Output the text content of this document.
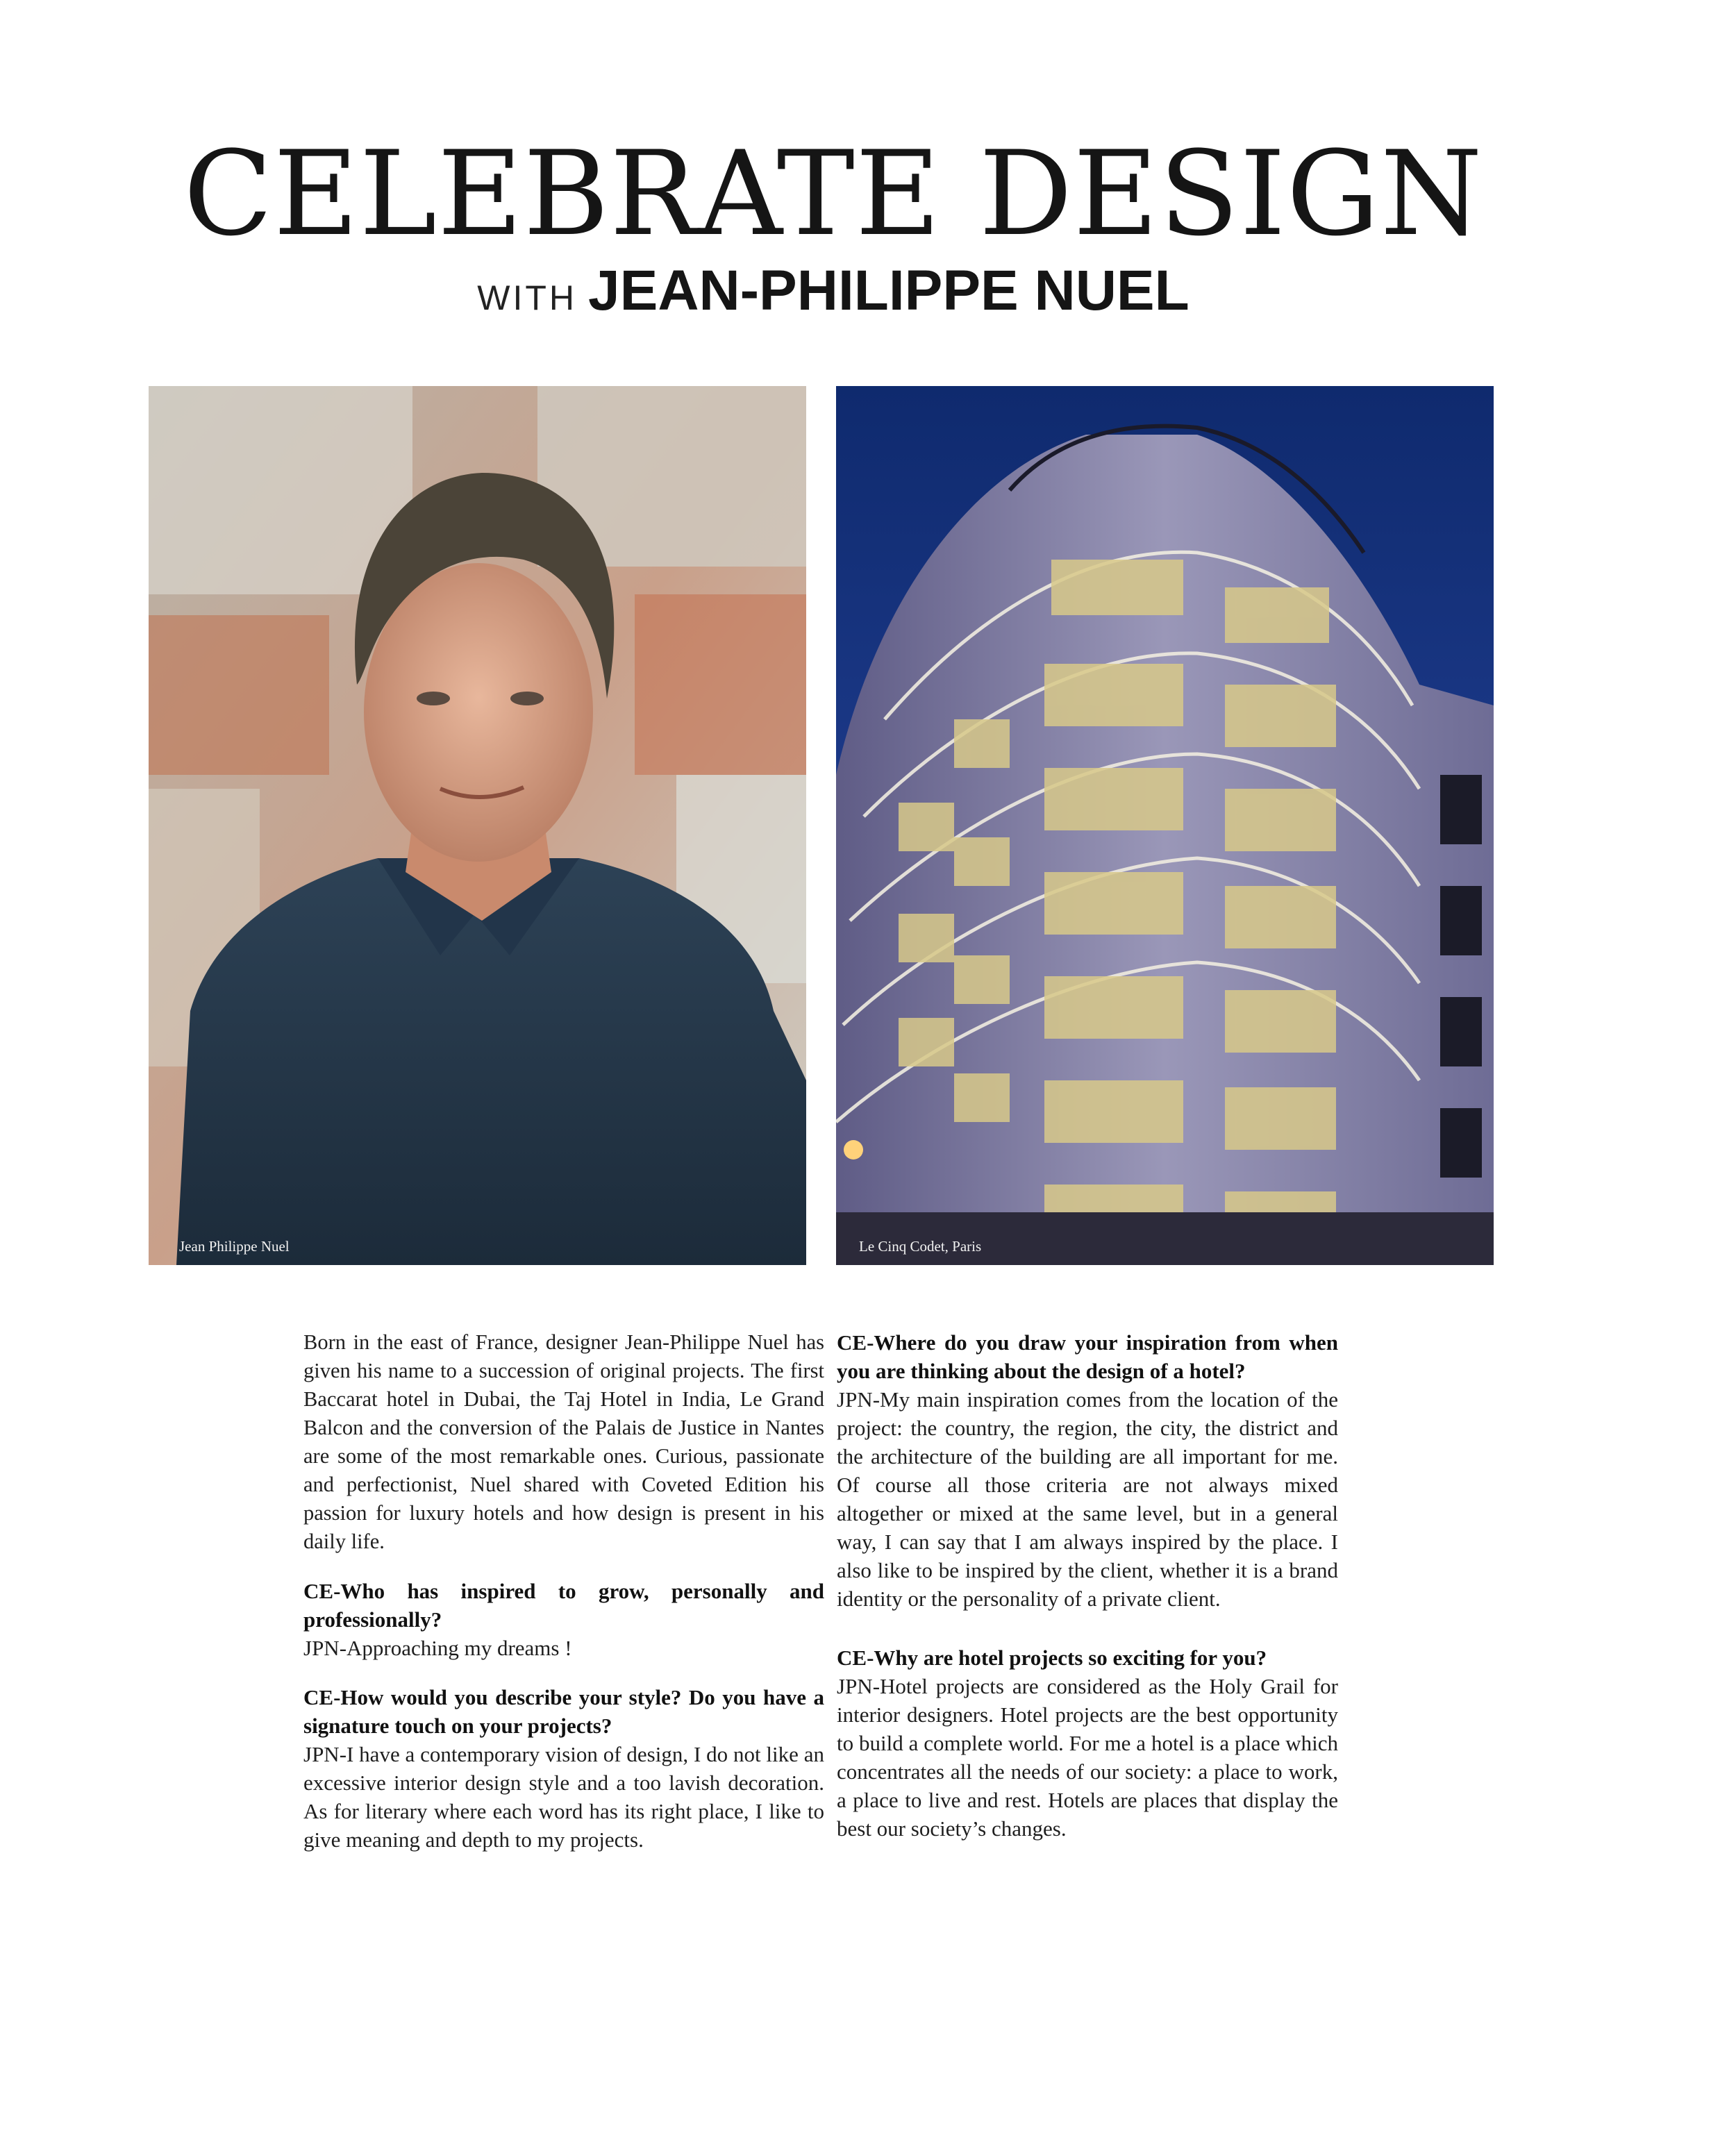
CELEBRATE DESIGN
WITH JEAN-PHILIPPE NUEL
Jean Philippe Nuel	Le Cinq Codet, Paris

Born in the east of France, designer Jean-Philippe Nuel has given his name to a succession of original projects. The first Baccarat hotel in Dubai, the Taj Hotel in India, Le Grand Balcon and the conversion of the Palais de Justice in Nantes are some of the most remarkable ones. Curious, passionate and perfectionist, Nuel shared with Coveted Edition his passion for luxury hotels and how design is present in his daily life.

CE-Who has inspired to grow, personally and professionally?
JPN-Approaching my dreams !

CE-How would you describe your style? Do you have a signature touch on your projects?
JPN-I have a contemporary vision of design, I do not like an excessive interior design style and a too lavish decoration. As for literary where each word has its right place, I like to give meaning and depth to my projects.

CE-Where do you draw your inspiration from when you are thinking about the design of a hotel?
JPN-My main inspiration comes from the location of the project: the country, the region, the city, the district and the architecture of the building are all important for me. Of course all those criteria are not always mixed altogether or mixed at the same level, but in a general way, I can say that I am always inspired by the place. I also like to be inspired by the client, whether it is a brand identity or the personality of a private client.

CE-Why are hotel projects so exciting for you?
JPN-Hotel projects are considered as the Holy Grail for interior designers. Hotel projects are the best opportunity to build a complete world. For me a hotel is a place which concentrates all the needs of our society: a place to work, a place to live and rest. Hotels are places that display the best our society’s changes.
